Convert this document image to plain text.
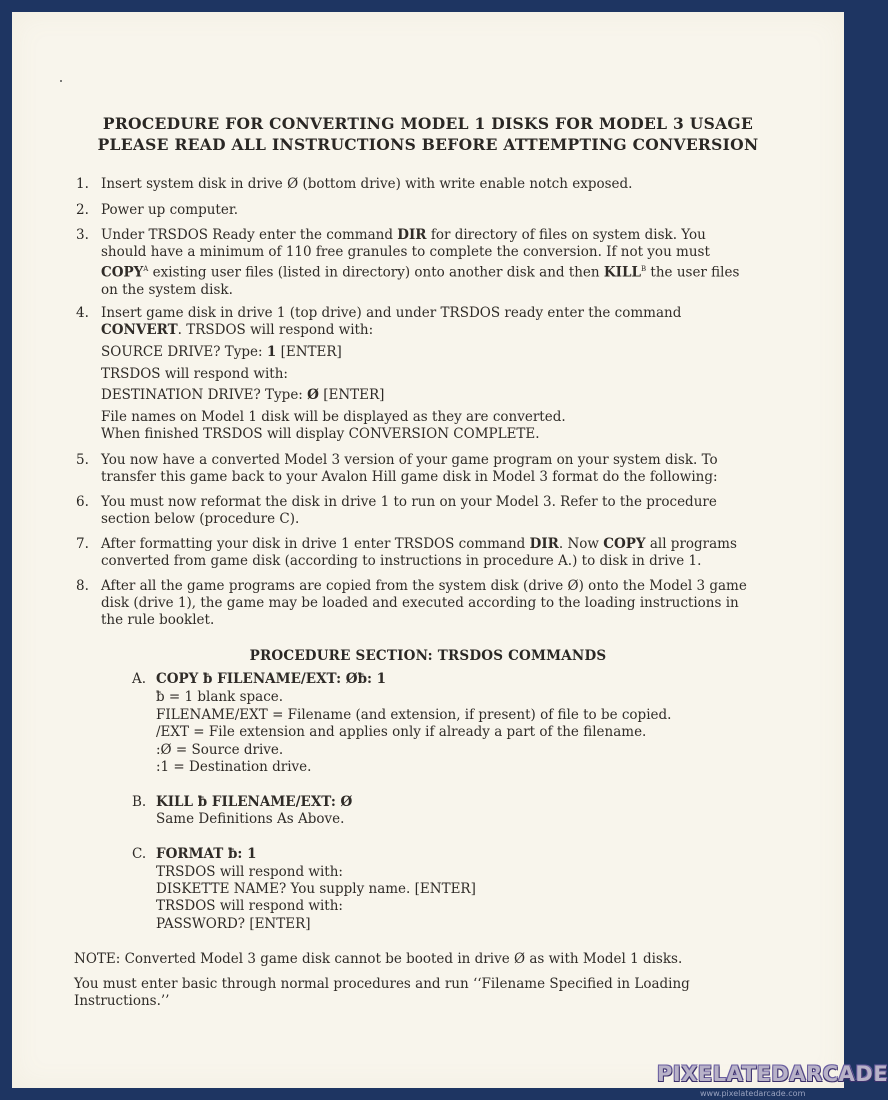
PROCEDURE FOR CONVERTING MODEL 1 DISKS FOR MODEL 3 USAGE
PLEASE READ ALL INSTRUCTIONS BEFORE ATTEMPTING CONVERSION
1. Insert system disk in drive Ø (bottom drive) with write enable notch exposed.
2. Power up computer.
3. Under TRSDOS Ready enter the command DIR for directory of files on system disk. You
should have a minimum of 110 free granules to complete the conversion. If not you must
$COPY^A$ existing user files (listed in directory) onto another disk and then $KILL^B$ the user files
on the system disk.
4. Insert game disk in drive 1 (top drive) and under TRSDOS ready enter the command
CONVERT. TRSDOS will respond with:
SOURCE DRIVE? Type: 1 [ENTER]
TRSDOS will respond with:
DESTINATION DRIVE? Type: Ø [ENTER]
File names on Model 1 disk will be displayed as they are converted.
When finished TRSDOS will display CONVERSION COMPLETE.
5. You now have a converted Model 3 version of your game program on your system disk. To
transfer this game back to your Avalon Hill game disk in Model 3 format do the following:
6. You must now reformat the disk in drive 1 to run on your Model 3. Refer to the procedure
section below (procedure C).
7. After formatting your disk in drive 1 enter TRSDOS command DIR. Now COPY all programs
converted from game disk (according to instructions in procedure A.) to disk in drive 1.
8. After all the game programs are copied from the system disk (drive Ø) onto the Model 3 game
disk (drive 1), the game may be loaded and executed according to the loading instructions in
the rule booklet.
PROCEDURE SECTION: TRSDOS COMMANDS
A. COPY ƀ FILENAME/EXT: Øƀ: 1
ƀ = 1 blank space.
FILENAME/EXT = Filename (and extension, if present) of file to be copied.
/EXT = File extension and applies only if already a part of the filename.
:Ø = Source drive.
:1 = Destination drive.
B. KILL ƀ FILENAME/EXT: Ø
Same Definitions As Above.
C. FORMAT ƀ: 1
TRSDOS will respond with:
DISKETTE NAME? You supply name. [ENTER]
TRSDOS will respond with:
PASSWORD? [ENTER]
NOTE: Converted Model 3 game disk cannot be booted in drive Ø as with Model 1 disks.
You must enter basic through normal procedures and run ‘‘Filename Specified in Loading
Instructions.’’
PIXELATEDARCADE
www.pixelatedarcade.com
